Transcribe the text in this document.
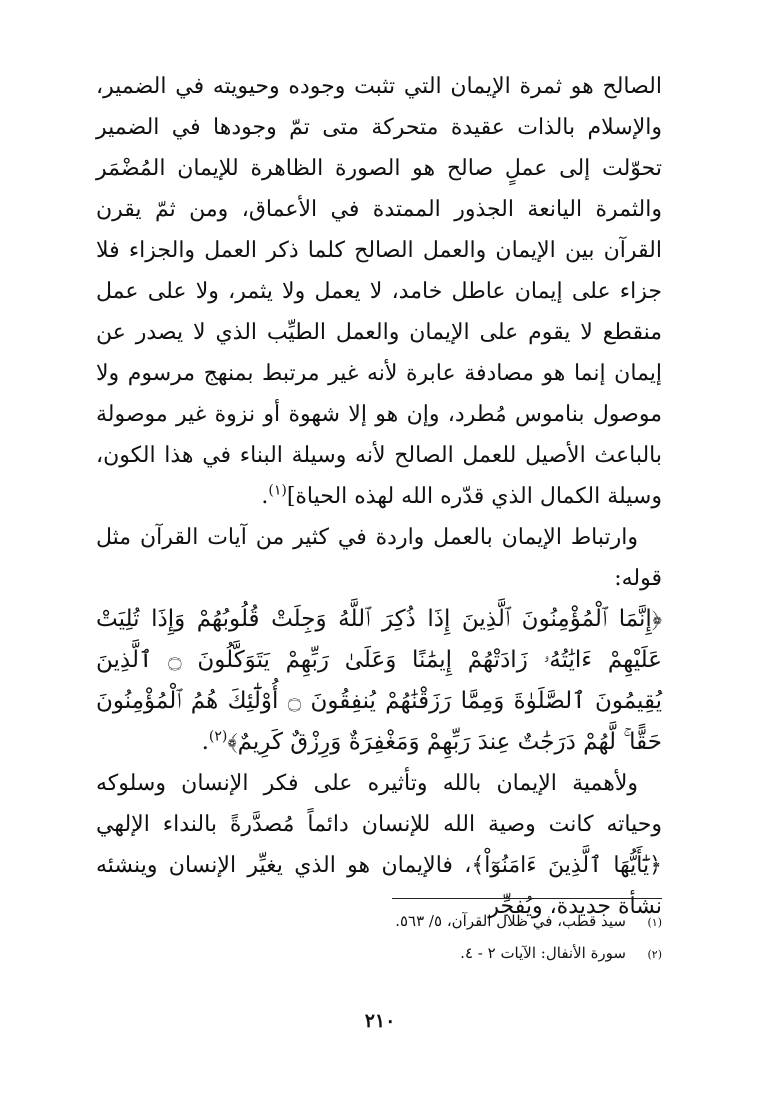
الصالح هو ثمرة الإيمان التي تثبت وجوده وحيويته في الضمير، والإسلام بالذات عقيدة متحركة متى تمّ وجودها في الضمير تحوّلت إلى عملٍ صالح هو الصورة الظاهرة للإيمان المُضْمَر والثمرة اليانعة الجذور الممتدة في الأعماق، ومن ثمّ يقرن القرآن بين الإيمان والعمل الصالح كلما ذكر العمل والجزاء فلا جزاء على إيمان عاطل خامد، لا يعمل ولا يثمر، ولا على عمل منقطع لا يقوم على الإيمان والعمل الطيِّب الذي لا يصدر عن إيمان إنما هو مصادفة عابرة لأنه غير مرتبط بمنهج مرسوم ولا موصول بناموس مُطرد، وإن هو إلا شهوة أو نزوة غير موصولة بالباعث الأصيل للعمل الصالح لأنه وسيلة البناء في هذا الكون، وسيلة الكمال الذي قدّره الله لهذه الحياة]$^{(١)}$.

وارتباط الإيمان بالعمل واردة في كثير من آيات القرآن مثل قوله:

﴿إِنَّمَا ٱلْمُؤْمِنُونَ ٱلَّذِينَ إِذَا ذُكِرَ ٱللَّهُ وَجِلَتْ قُلُوبُهُمْ وَإِذَا تُلِيَتْ عَلَيْهِمْ ءَايَٰتُهُۥ زَادَتْهُمْ إِيمَٰنًا وَعَلَىٰ رَبِّهِمْ يَتَوَكَّلُونَ ۝ ٱلَّذِينَ يُقِيمُونَ ٱلصَّلَوٰةَ وَمِمَّا رَزَقْنَٰهُمْ يُنفِقُونَ ۝ أُوْلَٰٓئِكَ هُمُ ٱلْمُؤْمِنُونَ حَقًّا ۚ لَّهُمْ دَرَجَٰتٌ عِندَ رَبِّهِمْ وَمَغْفِرَةٌ وَرِزْقٌ كَرِيمٌ﴾$^{(٢)}$.

ولأهمية الإيمان بالله وتأثيره على فكر الإنسان وسلوكه وحياته كانت وصية الله للإنسان دائماً مُصدَّرةً بالنداء الإلهي ﴿يَٰٓأَيُّهَا ٱلَّذِينَ ءَامَنُوٓاْ﴾، فالإيمان هو الذي يغيِّر الإنسان وينشئه نشأة جديدة، ويُفجِّر

(١)
سيد قطب، في ظلال القرآن، ٥/ ٥٦٣.
(٢)
سورة الأنفال: الآيات ٢ - ٤.
٢١٠
